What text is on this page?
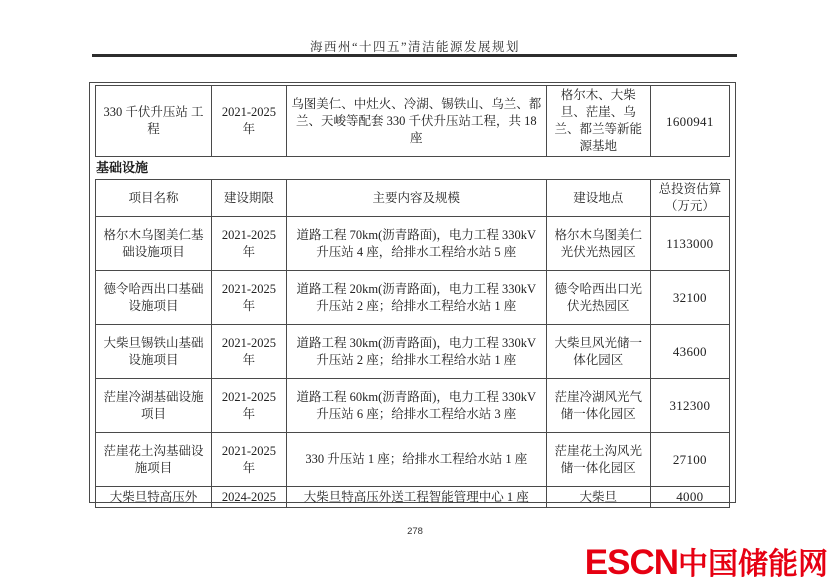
海西州“十四五”清洁能源发展规划
330 千伏升压站 工程	2021-2025 年	乌图美仁、中灶火、冷湖、锡铁山、乌兰、都兰、天峻等配套 330 千伏升压站工程，共 18 座	格尔木、大柴旦、茫崖、乌兰、都兰等新能源基地	1600941
基础设施
项目名称	建设期限	主要内容及规模	建设地点	总投资估算（万元）
格尔木乌图美仁基础设施项目	2021-2025 年	道路工程 70km(沥青路面)，电力工程 330kV 升压站 4 座，给排水工程给水站 5 座	格尔木乌图美仁光伏光热园区	1133000
德令哈西出口基础设施项目	2021-2025 年	道路工程 20km(沥青路面)，电力工程 330kV 升压站 2 座；给排水工程给水站 1 座	德令哈西出口光伏光热园区	32100
大柴旦锡铁山基础设施项目	2021-2025 年	道路工程 30km(沥青路面)，电力工程 330kV 升压站 2 座；给排水工程给水站 1 座	大柴旦风光储一体化园区	43600
茫崖冷湖基础设施项目	2021-2025 年	道路工程 60km(沥青路面)，电力工程 330kV 升压站 6 座；给排水工程给水站 3 座	茫崖冷湖风光气储一体化园区	312300
茫崖花土沟基础设施项目	2021-2025 年	330 升压站 1 座；给排水工程给水站 1 座	茫崖花土沟风光储一体化园区	27100
大柴旦特高压外	2024-2025	大柴旦特高压外送工程智能管理中心 1 座	大柴旦	4000
278
ESCN中国储能网
